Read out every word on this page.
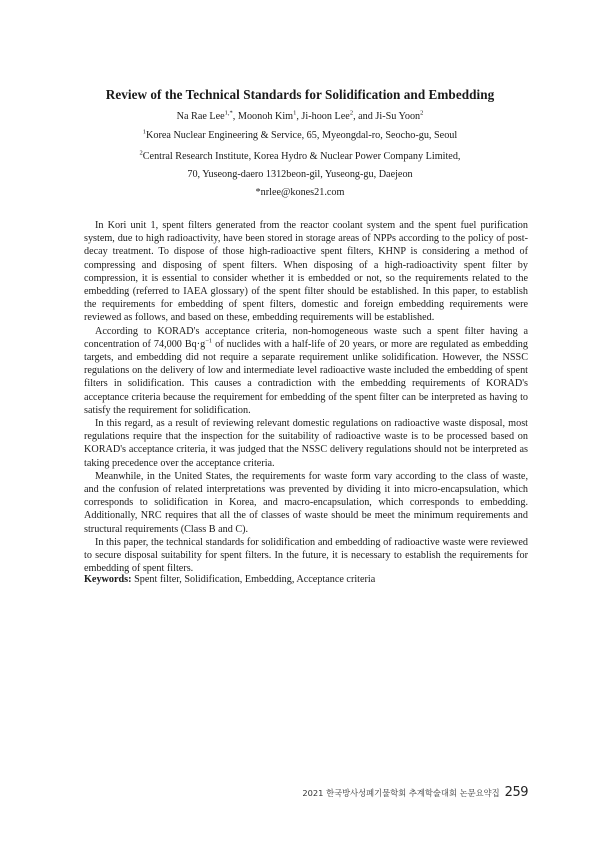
Review of the Technical Standards for Solidification and Embedding
Na Rae Lee$^{1,*}$, Moonoh Kim$^1$, Ji-hoon Lee$^2$, and Ji-Su Yoon$^2$
$^1$Korea Nuclear Engineering & Service, 65, Myeongdal-ro, Seocho-gu, Seoul
$^2$Central Research Institute, Korea Hydro & Nuclear Power Company Limited,
70, Yuseong-daero 1312beon-gil, Yuseong-gu, Daejeon
*nrlee@kones21.com

In Kori unit 1, spent filters generated from the reactor coolant system and the spent fuel purification system, due to high radioactivity, have been stored in storage areas of NPPs according to the policy of post-decay treatment. To dispose of those high-radioactive spent filters, KHNP is considering a method of compressing and disposing of spent filters. When disposing of a high-radioactivity spent filter by compression, it is essential to consider whether it is embedded or not, so the requirements related to the embedding (referred to IAEA glossary) of the spent filter should be established. In this paper, to establish the requirements for embedding of spent filters, domestic and foreign embedding requirements were reviewed as follows, and based on these, embedding requirements will be established.

According to KORAD's acceptance criteria, non-homogeneous waste such a spent filter having a concentration of 74,000 $Bq\cdot g^{-1}$ of nuclides with a half-life of 20 years, or more are regulated as embedding targets, and embedding did not require a separate requirement unlike solidification. However, the NSSC regulations on the delivery of low and intermediate level radioactive waste included the embedding of spent filters in solidification. This causes a contradiction with the embedding requirements of KORAD's acceptance criteria because the requirement for embedding of the spent filter can be interpreted as having to satisfy the requirement for solidification.

In this regard, as a result of reviewing relevant domestic regulations on radioactive waste disposal, most regulations require that the inspection for the suitability of radioactive waste is to be processed based on KORAD's acceptance criteria, it was judged that the NSSC delivery regulations should not be interpreted as taking precedence over the acceptance criteria.

Meanwhile, in the United States, the requirements for waste form vary according to the class of waste, and the confusion of related interpretations was prevented by dividing it into micro-encapsulation, which corresponds to solidification in Korea, and macro-encapsulation, which corresponds to embedding. Additionally, NRC requires that all the of classes of waste should be meet the minimum requirements and structural requirements (Class B and C).

In this paper, the technical standards for solidification and embedding of radioactive waste were reviewed to secure disposal suitability for spent filters. In the future, it is necessary to establish the requirements for embedding of spent filters.

Keywords: Spent filter, Solidification, Embedding, Acceptance criteria
2021 한국방사성폐기물학회 추계학술대회 논문요약집 259
